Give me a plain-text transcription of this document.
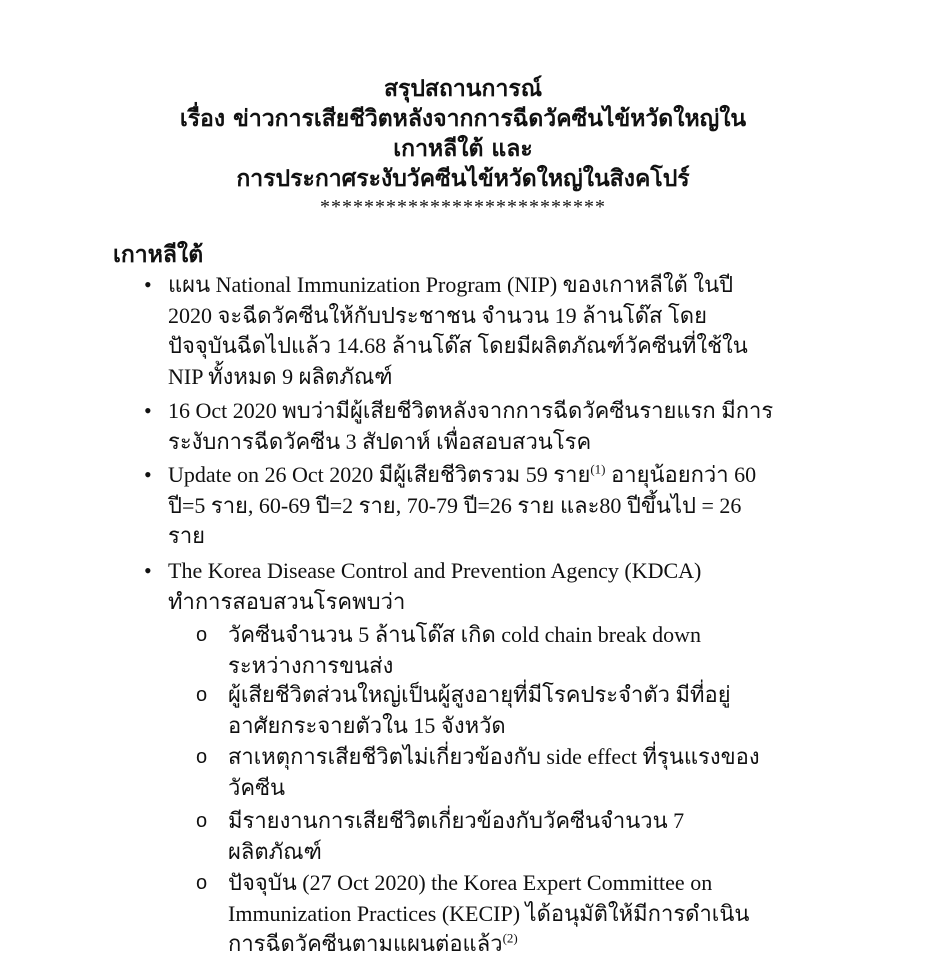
สรุปสถานการณ์
เรื่อง ข่าวการเสียชีวิตหลังจากการฉีดวัคซีนไข้หวัดใหญ่ใน
เกาหลีใต้ และ
การประกาศระงับวัคซีนไข้หวัดใหญ่ในสิงคโปร์
**************************
เกาหลีใต้
• แผน National Immunization Program (NIP) ของเกาหลีใต้ ในปี
2020 จะฉีดวัคซีนให้กับประชาชน จำนวน 19 ล้านโด๊ส โดย
ปัจจุบันฉีดไปแล้ว 14.68 ล้านโด๊ส โดยมีผลิตภัณฑ์วัคซีนที่ใช้ใน
NIP ทั้งหมด 9 ผลิตภัณฑ์
• 16 Oct 2020 พบว่ามีผู้เสียชีวิตหลังจากการฉีดวัคซีนรายแรก มีการ
ระงับการฉีดวัคซีน 3 สัปดาห์ เพื่อสอบสวนโรค
• Update on 26 Oct 2020 มีผู้เสียชีวิตรวม 59 ราย$^{(1)}$ อายุน้อยกว่า 60
ปี=5 ราย, 60-69 ปี=2 ราย, 70-79 ปี=26 ราย และ80 ปีขึ้นไป = 26
ราย
• The Korea Disease Control and Prevention Agency (KDCA)
ทำการสอบสวนโรคพบว่า
o วัคซีนจำนวน 5 ล้านโด๊ส เกิด cold chain break down
ระหว่างการขนส่ง
o ผู้เสียชีวิตส่วนใหญ่เป็นผู้สูงอายุที่มีโรคประจำตัว มีที่อยู่
อาศัยกระจายตัวใน 15 จังหวัด
o สาเหตุการเสียชีวิตไม่เกี่ยวข้องกับ side effect ที่รุนแรงของ
วัคซีน
o มีรายงานการเสียชีวิตเกี่ยวข้องกับวัคซีนจำนวน 7
ผลิตภัณฑ์
o ปัจจุบัน (27 Oct 2020) the Korea Expert Committee on
Immunization Practices (KECIP) ได้อนุมัติให้มีการดำเนิน
การฉีดวัคซีนตามแผนต่อแล้ว$^{(2)}$
